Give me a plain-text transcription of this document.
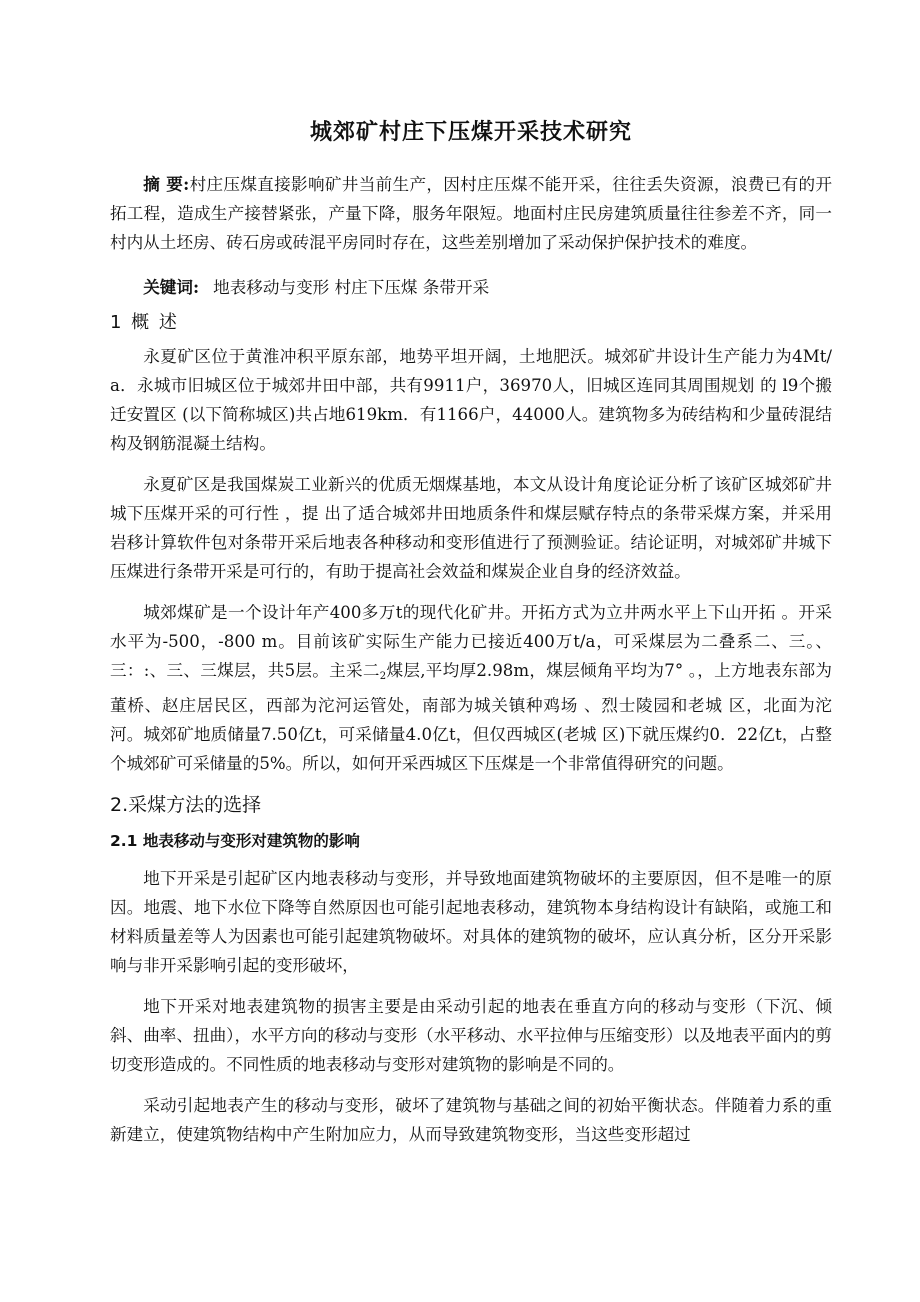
城郊矿村庄下压煤开采技术研究

摘 要:村庄压煤直接影响矿井当前生产，因村庄压煤不能开采，往往丢失资源，浪费已有的开拓工程，造成生产接替紧张，产量下降，服务年限短。地面村庄民房建筑质量往往参差不齐，同一村内从土坯房、砖石房或砖混平房同时存在，这些差别增加了采动保护保护技术的难度。

关键词: 地表移动与变形 村庄下压煤 条带开采

1 概 述

永夏矿区位于黄淮冲积平原东部，地势平坦开阔，土地肥沃。城郊矿井设计生产能力为4Mt/a．永城市旧城区位于城郊井田中部，共有9911户，36970人，旧城区连同其周围规划 的 l9个搬迁安置区 (以下简称城区)共占地619km．有1166户，44000人。建筑物多为砖结构和少量砖混结构及钢筋混凝土结构。

永夏矿区是我国煤炭工业新兴的优质无烟煤基地，本文从设计角度论证分析了该矿区城郊矿井城下压煤开采的可行性 ，提 出了适合城郊井田地质条件和煤层赋存特点的条带采煤方案，并采用岩移计算软件包对条带开采后地表各种移动和变形值进行了预测验证。结论证明，对城郊矿井城下压煤进行条带开采是可行的，有助于提高社会效益和煤炭企业自身的经济效益。

城郊煤矿是一个设计年产400多万t的现代化矿井。开拓方式为立井两水平上下山开拓 。开采水平为-500，-800 m。目前该矿实际生产能力已接近400万t/a，可采煤层为二叠系二、三。、三：:、三、三煤层，共5层。主采二$_2$煤层,平均厚2.98m，煤层倾角平均为7° 。，上方地表东部为董桥、赵庄居民区，西部为沱河运管处，南部为城关镇种鸡场 、烈士陵园和老城 区，北面为沱河。城郊矿地质储量7.50亿t，可采储量4.0亿t，但仅西城区(老城 区)下就压煤约0．22亿t，占整个城郊矿可采储量的5%。所以，如何开采西城区下压煤是一个非常值得研究的问题。

2.采煤方法的选择
2.1 地表移动与变形对建筑物的影响

地下开采是引起矿区内地表移动与变形，并导致地面建筑物破坏的主要原因，但不是唯一的原因。地震、地下水位下降等自然原因也可能引起地表移动，建筑物本身结构设计有缺陷，或施工和材料质量差等人为因素也可能引起建筑物破坏。对具体的建筑物的破坏，应认真分析，区分开采影响与非开采影响引起的变形破坏，

地下开采对地表建筑物的损害主要是由采动引起的地表在垂直方向的移动与变形（下沉、倾斜、曲率、扭曲），水平方向的移动与变形（水平移动、水平拉伸与压缩变形）以及地表平面内的剪切变形造成的。不同性质的地表移动与变形对建筑物的影响是不同的。

采动引起地表产生的移动与变形，破坏了建筑物与基础之间的初始平衡状态。伴随着力系的重新建立，使建筑物结构中产生附加应力，从而导致建筑物变形，当这些变形超过
